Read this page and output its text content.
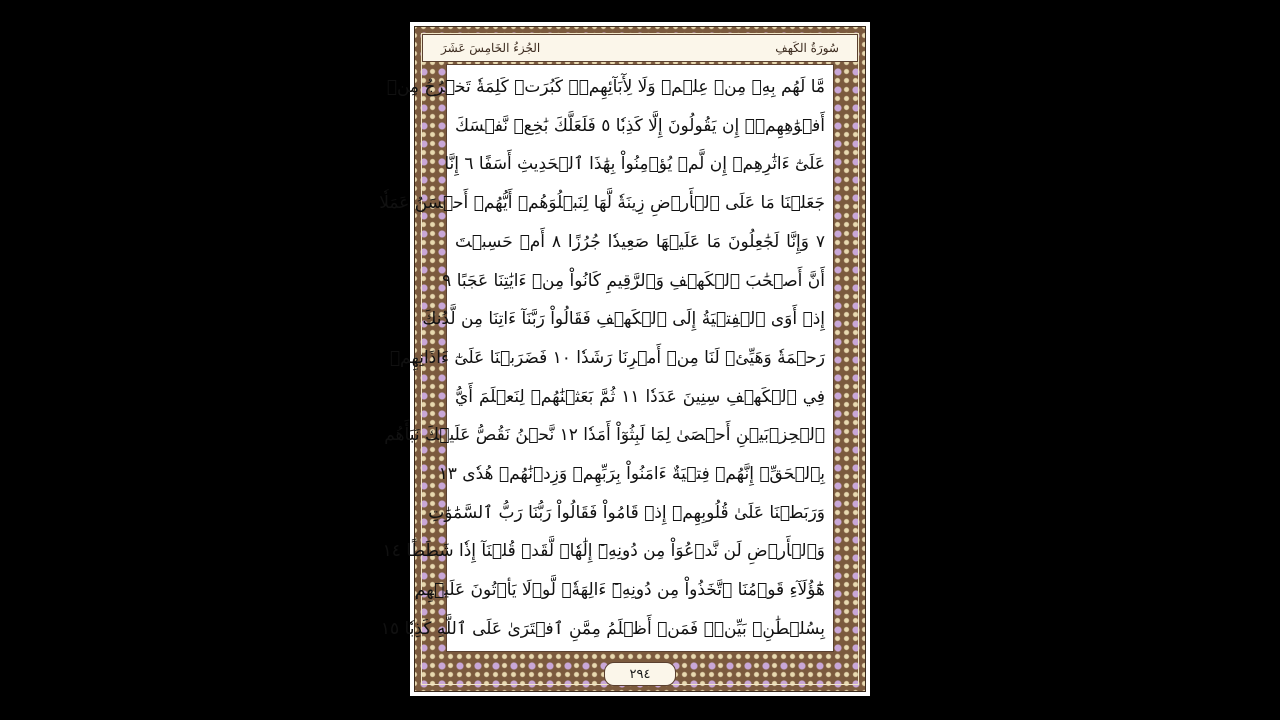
الجُزءُ الخَامِسَ عَشَرَ	سُورَةُ الكَهفِ
مَّا لَهُم بِهِۦ مِنۡ عِلۡمٖ وَلَا لِأٓبَآئِهِمۡۚ كَبُرَتۡ كَلِمَةٗ تَخۡرُجُ مِنۡ
أَفۡوَٰهِهِمۡۚ إِن يَقُولُونَ إِلَّا كَذِبٗا ٥ فَلَعَلَّكَ بَٰخِعٞ نَّفۡسَكَ
عَلَىٰٓ ءَاثَٰرِهِمۡ إِن لَّمۡ يُؤۡمِنُواْ بِهَٰذَا ٱلۡحَدِيثِ أَسَفًا ٦ إِنَّا
جَعَلۡنَا مَا عَلَى ٱلۡأَرۡضِ زِينَةٗ لَّهَا لِنَبۡلُوَهُمۡ أَيُّهُمۡ أَحۡسَنُ عَمَلٗا
٧ وَإِنَّا لَجَٰعِلُونَ مَا عَلَيۡهَا صَعِيدٗا جُرُزًا ٨ أَمۡ حَسِبۡتَ
أَنَّ أَصۡحَٰبَ ٱلۡكَهۡفِ وَٱلرَّقِيمِ كَانُواْ مِنۡ ءَايَٰتِنَا عَجَبًا ٩
إِذۡ أَوَى ٱلۡفِتۡيَةُ إِلَى ٱلۡكَهۡفِ فَقَالُواْ رَبَّنَآ ءَاتِنَا مِن لَّدُنكَ
رَحۡمَةٗ وَهَيِّئۡ لَنَا مِنۡ أَمۡرِنَا رَشَدٗا ١٠ فَضَرَبۡنَا عَلَىٰٓ ءَاذَانِهِمۡ
فِي ٱلۡكَهۡفِ سِنِينَ عَدَدٗا ١١ ثُمَّ بَعَثۡنَٰهُمۡ لِنَعۡلَمَ أَيُّ
ٱلۡحِزۡبَيۡنِ أَحۡصَىٰ لِمَا لَبِثُوٓاْ أَمَدٗا ١٢ نَّحۡنُ نَقُصُّ عَلَيۡكَ نَبَأَهُم
بِٱلۡحَقِّۚ إِنَّهُمۡ فِتۡيَةٌ ءَامَنُواْ بِرَبِّهِمۡ وَزِدۡنَٰهُمۡ هُدٗى ١٣
وَرَبَطۡنَا عَلَىٰ قُلُوبِهِمۡ إِذۡ قَامُواْ فَقَالُواْ رَبُّنَا رَبُّ ٱلسَّمَٰوَٰتِ
وَٱلۡأَرۡضِ لَن نَّدۡعُوَاْ مِن دُونِهِۦٓ إِلَٰهٗاۖ لَّقَدۡ قُلۡنَآ إِذٗا شَطَطًا ١٤
هَٰٓؤُلَآءِ قَوۡمُنَا ٱتَّخَذُواْ مِن دُونِهِۦٓ ءَالِهَةٗۖ لَّوۡلَا يَأۡتُونَ عَلَيۡهِم
بِسُلۡطَٰنِۭ بَيِّنٖۖ فَمَنۡ أَظۡلَمُ مِمَّنِ ٱفۡتَرَىٰ عَلَى ٱللَّهِ كَذِبٗا ١٥
٢٩٤
